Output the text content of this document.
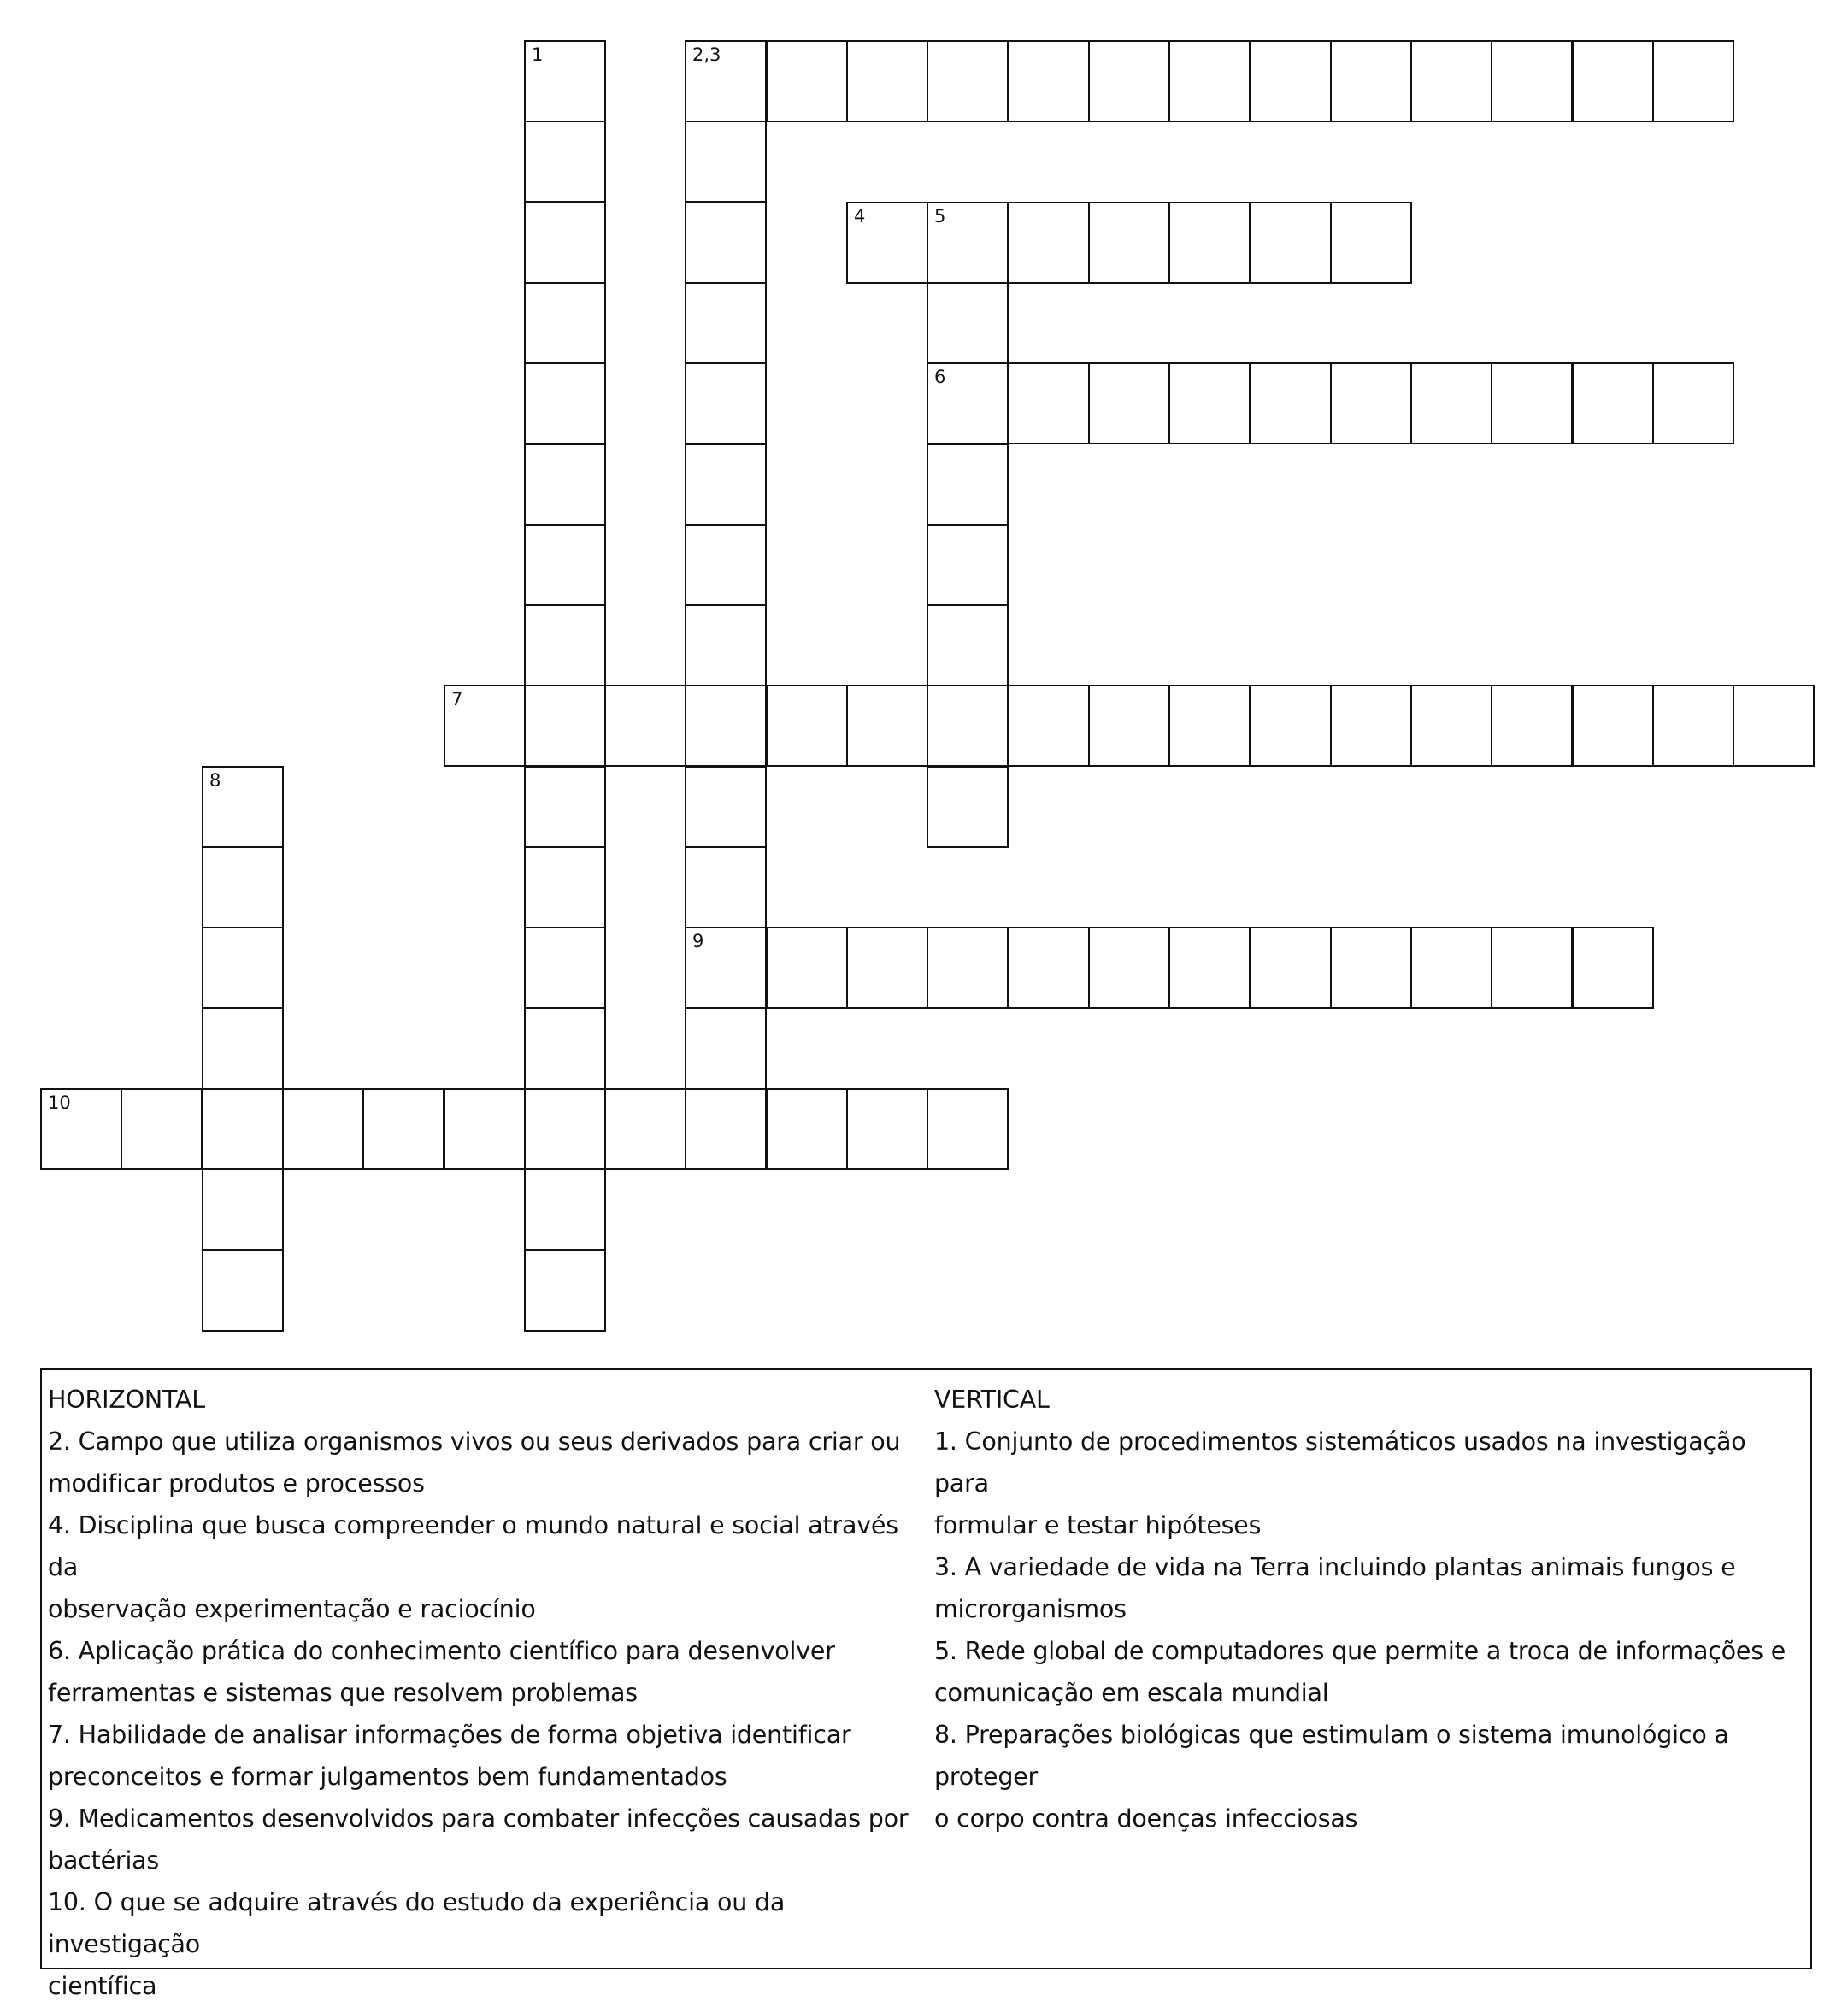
2,3
4	5
6
7
9
10
1
8
HORIZONTAL
2. Campo que utiliza organismos vivos ou seus derivados para criar ou
modificar produtos e processos
4. Disciplina que busca compreender o mundo natural e social através da
observação experimentação e raciocínio
6. Aplicação prática do conhecimento científico para desenvolver
ferramentas e sistemas que resolvem problemas
7. Habilidade de analisar informações de forma objetiva identificar
preconceitos e formar julgamentos bem fundamentados
9. Medicamentos desenvolvidos para combater infecções causadas por
bactérias
10. O que se adquire através do estudo da experiência ou da investigação
científica
VERTICAL
1. Conjunto de procedimentos sistemáticos usados na investigação para
formular e testar hipóteses
3. A variedade de vida na Terra incluindo plantas animais fungos e
microrganismos
5. Rede global de computadores que permite a troca de informações e
comunicação em escala mundial
8. Preparações biológicas que estimulam o sistema imunológico a proteger
o corpo contra doenças infecciosas
